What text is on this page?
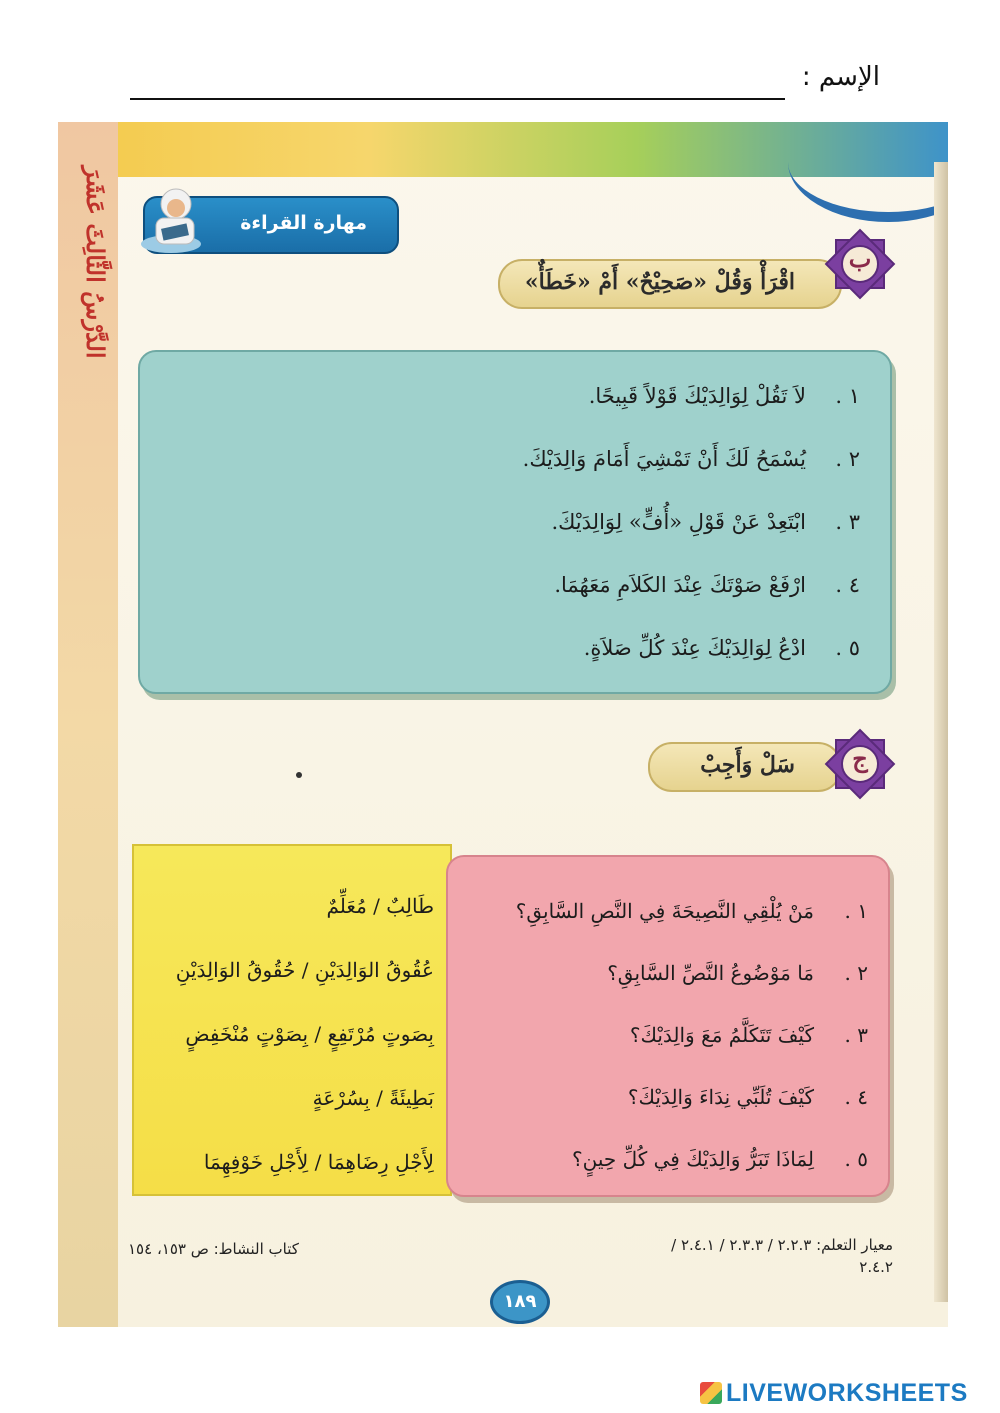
الإسم :
الدَّرْسُ الثَّالِثَ عَشَرَ	مهارة القراءة
اقْرَأْ وَقُلْ «صَحِيْحٌ» أَمْ «خَطَأٌ»
ب
١ .لاَ تَقُلْ لِوَالِدَيْكَ قَوْلاً قَبِيحًا.
٢ .يُسْمَحُ لَكَ أَنْ تَمْشِيَ أَمَامَ وَالِدَيْكَ.
٣ .ابْتَعِدْ عَنْ قَوْلِ «أُفٍّ» لِوَالِدَيْكَ.
٤ .ارْفَعْ صَوْتَكَ عِنْدَ الكَلاَمِ مَعَهُمَا.
٥ .ادْعُ لِوَالِدَيْكَ عِنْدَ كُلِّ صَلاَةٍ.
سَلْ وَأَجِبْ	ج
طَالِبٌ / مُعَلِّمٌ
عُقُوقُ الوَالِدَيْنِ / حُقُوقُ الوَالِدَيْنِ
بِصَوتٍ مُرْتَفِعٍ / بِصَوْتٍ مُنْخَفِضٍ
بَطِيئَةً / بِسُرْعَةٍ
لِأَجْلِ رِضَاهِمَا / لِأَجْلِ خَوْفِهِمَا
١ .مَنْ يُلْقِي النَّصِيحَةَ فِي النَّصِ السَّابِقِ؟
٢ .مَا مَوْضُوعُ النَّصِّ السَّابِقِ؟
٣ .كَيْفَ تَتَكَلَّمُ مَعَ وَالِدَيْكَ؟
٤ .كَيْفَ تُلَبِّي نِدَاءَ وَالِدَيْكَ؟
٥ .لِمَاذَا تَبَرُّ وَالِدَيْكَ فِي كُلِّ حِينٍ؟
معيار التعلم: ٢.٢.٣ / ٢.٣.٣ / ٢.٤.١ /
٢.٤.٢
كتاب النشاط: ص ١٥٣، ١٥٤
١٨٩
LIVEWORKSHEETS
